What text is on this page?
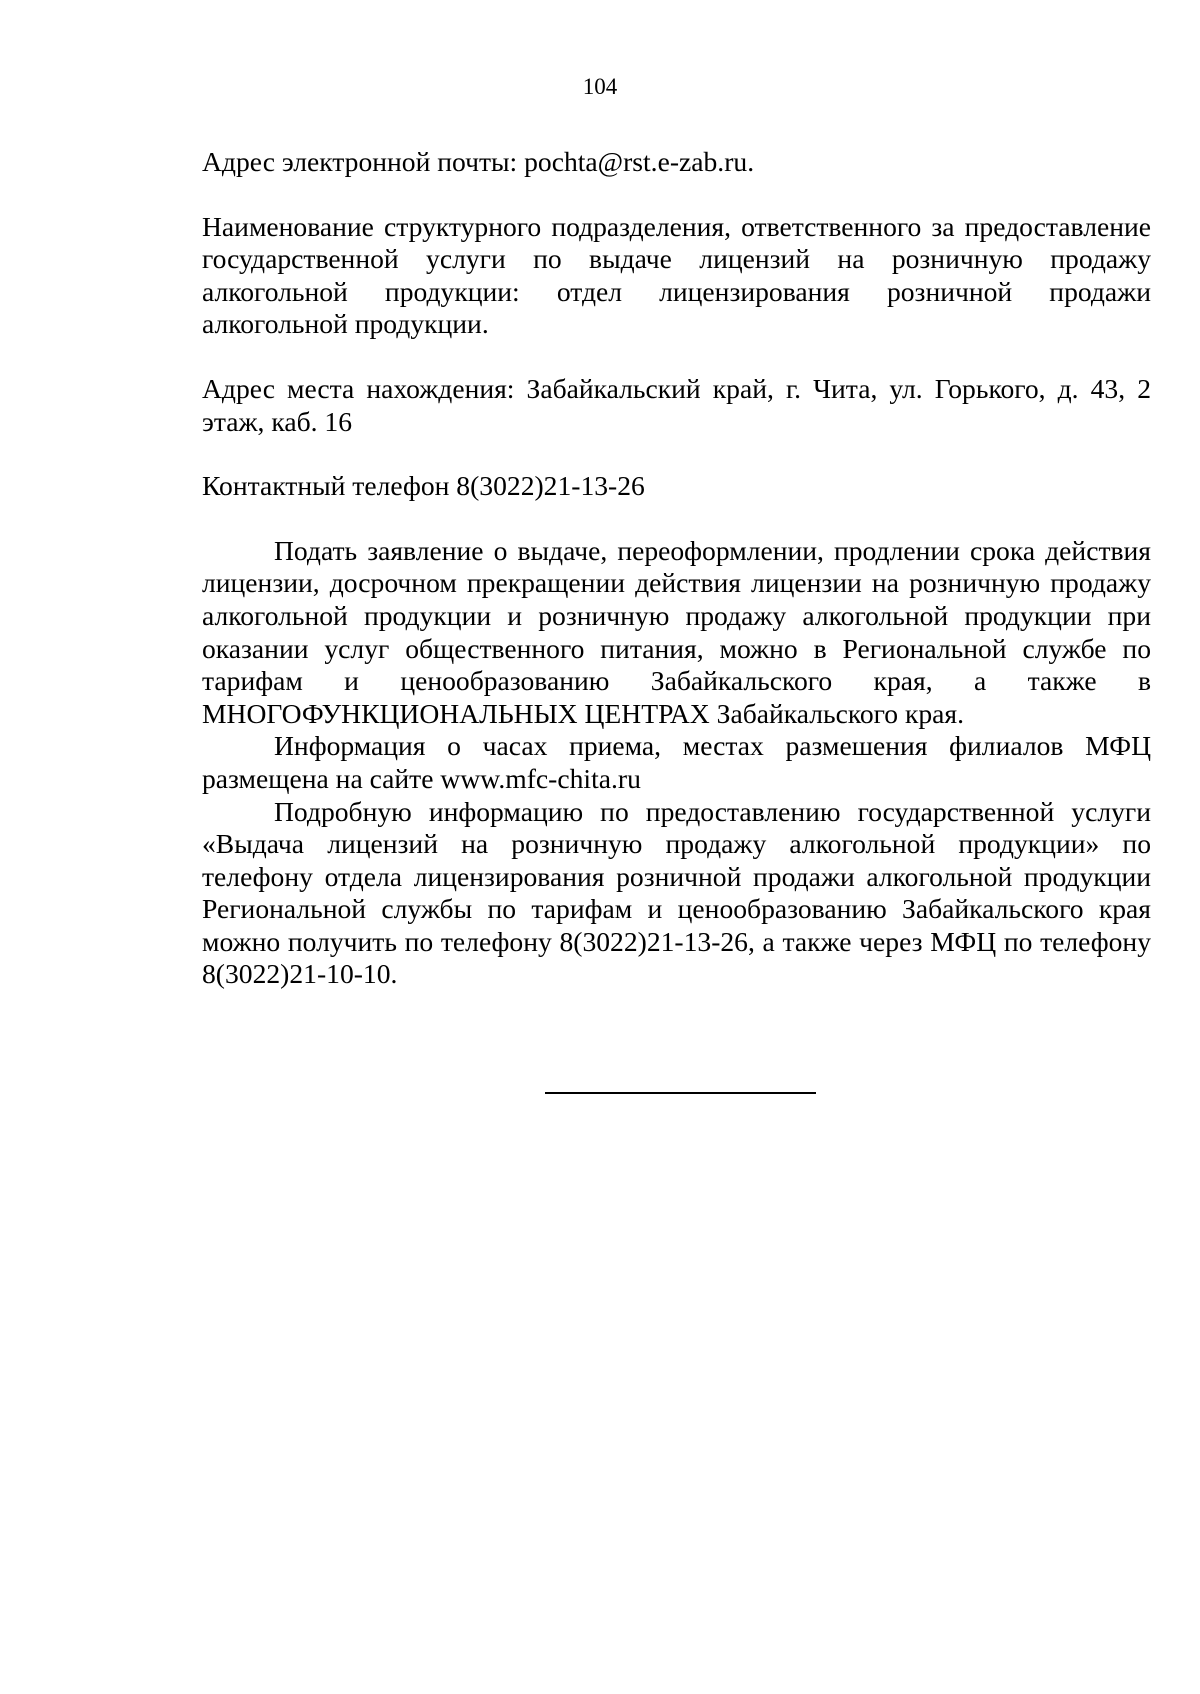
104

Адрес электронной почты: pochta@rst.e-zab.ru.

Наименование структурного подразделения, ответственного за предоставление государственной услуги по выдаче лицензий на розничную продажу алкогольной продукции: отдел лицензирования розничной продажи алкогольной продукции.

Адрес места нахождения: Забайкальский край, г. Чита, ул. Горького, д. 43, 2 этаж, каб. 16

Контактный телефон 8(3022)21-13-26

Подать заявление о выдаче, переоформлении, продлении срока действия лицензии, досрочном прекращении действия лицензии на розничную продажу алкогольной продукции и розничную продажу алкогольной продукции при оказании услуг общественного питания, можно в Региональной службе по тарифам и ценообразованию Забайкальского края, а также в МНОГОФУНКЦИОНАЛЬНЫХ ЦЕНТРАХ Забайкальского края.

Информация о часах приема, местах размешения филиалов МФЦ размещена на сайте www.mfc-chita.ru

Подробную информацию по предоставлению государственной услуги «Выдача лицензий на розничную продажу алкогольной продукции» по телефону отдела лицензирования розничной продажи алкогольной продукции Региональной службы по тарифам и ценообразованию Забайкальского края можно получить по телефону 8(3022)21-13-26, а также через МФЦ по телефону 8(3022)21-10-10.
